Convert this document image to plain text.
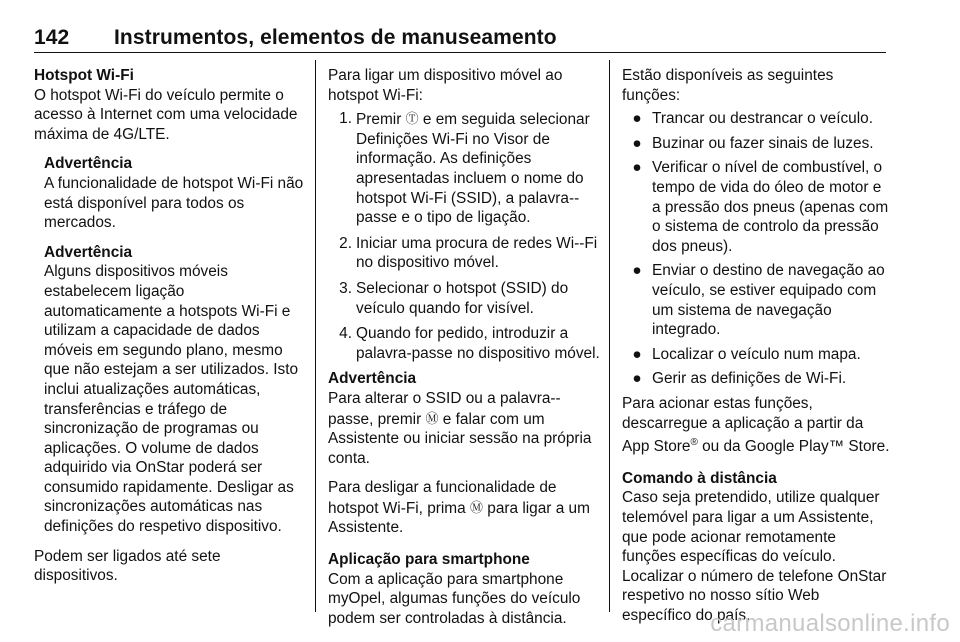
142	Instrumentos, elementos de manuseamento

Hotspot Wi-Fi

O hotspot Wi-Fi do veículo permite o acesso à Internet com uma velocidade máxima de 4G/LTE.

Advertência

A funcionalidade de hotspot Wi-Fi não está disponível para todos os mercados.

Advertência

Alguns dispositivos móveis estabelecem ligação automaticamente a hotspots Wi-Fi e utilizam a capacidade de dados móveis em segundo plano, mesmo que não estejam a ser utilizados. Isto inclui atualizações automáticas, transferências e tráfego de sincronização de programas ou aplicações. O volume de dados adquirido via OnStar poderá ser consumido rapidamente. Desligar as sincronizações automáticas nas definições do respetivo dispositivo.

Podem ser ligados até sete dispositivos.

Para ligar um dispositivo móvel ao hotspot Wi-Fi:

1. Premir Ⓣ e em seguida selecionar Definições Wi-Fi no Visor de informação. As definições apresentadas incluem o nome do hotspot Wi-Fi (SSID), a palavra--passe e o tipo de ligação.
2. Iniciar uma procura de redes Wi--Fi no dispositivo móvel.
3. Selecionar o hotspot (SSID) do veículo quando for visível.
4. Quando for pedido, introduzir a palavra-passe no dispositivo móvel.

Advertência

Para alterar o SSID ou a palavra--passe, premir Ⓜ e falar com um Assistente ou iniciar sessão na própria conta.

Para desligar a funcionalidade de hotspot Wi-Fi, prima Ⓜ para ligar a um Assistente.

Aplicação para smartphone

Com a aplicação para smartphone myOpel, algumas funções do veículo podem ser controladas à distância.

Estão disponíveis as seguintes funções:

● Trancar ou destrancar o veículo.
● Buzinar ou fazer sinais de luzes.
● Verificar o nível de combustível, o tempo de vida do óleo de motor e a pressão dos pneus (apenas com o sistema de controlo da pressão dos pneus).
● Enviar o destino de navegação ao veículo, se estiver equipado com um sistema de navegação integrado.
● Localizar o veículo num mapa.
● Gerir as definições de Wi-Fi.

Para acionar estas funções, descarregue a aplicação a partir da App Store® ou da Google Play™ Store.

Comando à distância

Caso seja pretendido, utilize qualquer telemóvel para ligar a um Assistente, que pode acionar remotamente funções específicas do veículo. Localizar o número de telefone OnStar respetivo no nosso sítio Web específico do país.

carmanualsonline.info
